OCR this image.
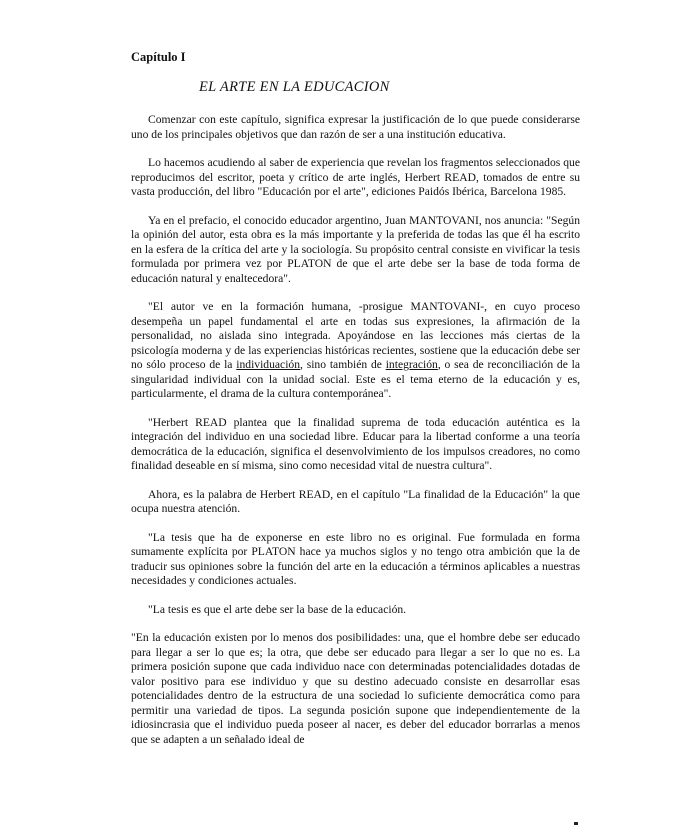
Capítulo I

EL ARTE EN LA EDUCACION

Comenzar con este capítulo, significa expresar la justificación de lo que puede considerarse uno de los principales objetivos que dan razón de ser a una institución educativa.

Lo hacemos acudiendo al saber de experiencia que revelan los fragmentos seleccionados que reproducimos del escritor, poeta y crítico de arte inglés, Herbert READ, tomados de entre su vasta producción, del libro "Educación por el arte", ediciones Paidós Ibérica, Barcelona 1985.

Ya en el prefacio, el conocido educador argentino, Juan MANTOVANI, nos anuncia: "Según la opinión del autor, esta obra es la más importante y la preferida de todas las que él ha escrito en la esfera de la crítica del arte y la sociología. Su propósito central consiste en vivificar la tesis formulada por primera vez por PLATON de que el arte debe ser la base de toda forma de educación natural y enaltecedora".

"El autor ve en la formación humana, -prosigue MANTOVANI-, en cuyo proceso desempeña un papel fundamental el arte en todas sus expresiones, la afirmación de la personalidad, no aislada sino integrada. Apoyándose en las lecciones más ciertas de la psicología moderna y de las experiencias históricas recientes, sostiene que la educación debe ser no sólo proceso de la individuación, sino también de integración, o sea de reconciliación de la singularidad individual con la unidad social. Este es el tema eterno de la educación y es, particularmente, el drama de la cultura contemporánea".

"Herbert READ plantea que la finalidad suprema de toda educación auténtica es la integración del individuo en una sociedad libre. Educar para la libertad conforme a una teoría democrática de la educación, significa el desenvolvimiento de los impulsos creadores, no como finalidad deseable en sí misma, sino como necesidad vital de nuestra cultura".

Ahora, es la palabra de Herbert READ, en el capítulo "La finalidad de la Educación" la que ocupa nuestra atención.

"La tesis que ha de exponerse en este libro no es original. Fue formulada en forma sumamente explícita por PLATON hace ya muchos siglos y no tengo otra ambición que la de traducir sus opiniones sobre la función del arte en la educación a términos aplicables a nuestras necesidades y condiciones actuales.

"La tesis es que el arte debe ser la base de la educación.

"En la educación existen por lo menos dos posibilidades: una, que el hombre debe ser educado para llegar a ser lo que es; la otra, que debe ser educado para llegar a ser lo que no es. La primera posición supone que cada individuo nace con determinadas potencialidades dotadas de valor positivo para ese individuo y que su destino adecuado consiste en desarrollar esas potencialidades dentro de la estructura de una sociedad lo suficiente democrática como para permitir una variedad de tipos. La segunda posición supone que independientemente de la idiosincrasia que el individuo pueda poseer al nacer, es deber del educador borrarlas a menos que se adapten a un señalado ideal de
